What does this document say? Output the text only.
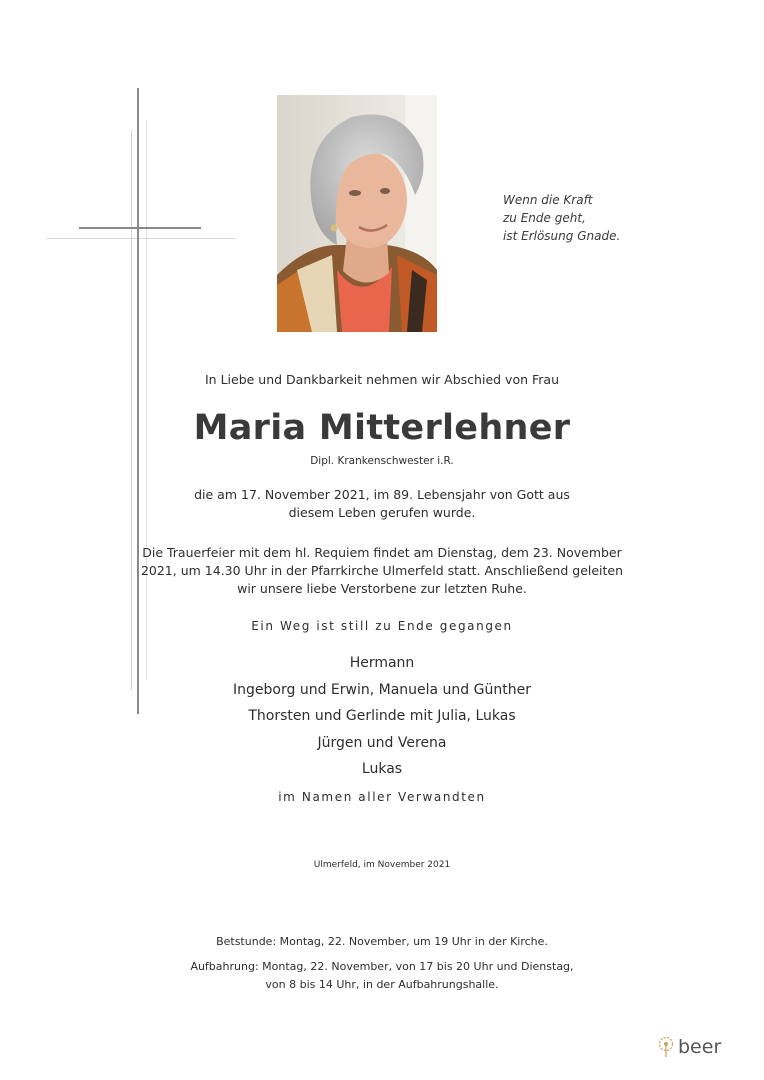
Wenn die Kraft
zu Ende geht,
ist Erlösung Gnade.
In Liebe und Dankbarkeit nehmen wir Abschied von Frau
Maria Mitterlehner
Dipl. Krankenschwester i.R.
die am 17. November 2021, im 89. Lebensjahr von Gott aus
diesem Leben gerufen wurde.
Die Trauerfeier mit dem hl. Requiem findet am Dienstag, dem 23. November
2021, um 14.30 Uhr in der Pfarrkirche Ulmerfeld statt. Anschließend geleiten
wir unsere liebe Verstorbene zur letzten Ruhe.
Ein Weg ist still zu Ende gegangen
Hermann
Ingeborg und Erwin, Manuela und Günther
Thorsten und Gerlinde mit Julia, Lukas
Jürgen und Verena
Lukas
im Namen aller Verwandten
Ulmerfeld, im November 2021
Betstunde: Montag, 22. November, um 19 Uhr in der Kirche.
Aufbahrung: Montag, 22. November, von 17 bis 20 Uhr und Dienstag,
von 8 bis 14 Uhr, in der Aufbahrungshalle.
beer
